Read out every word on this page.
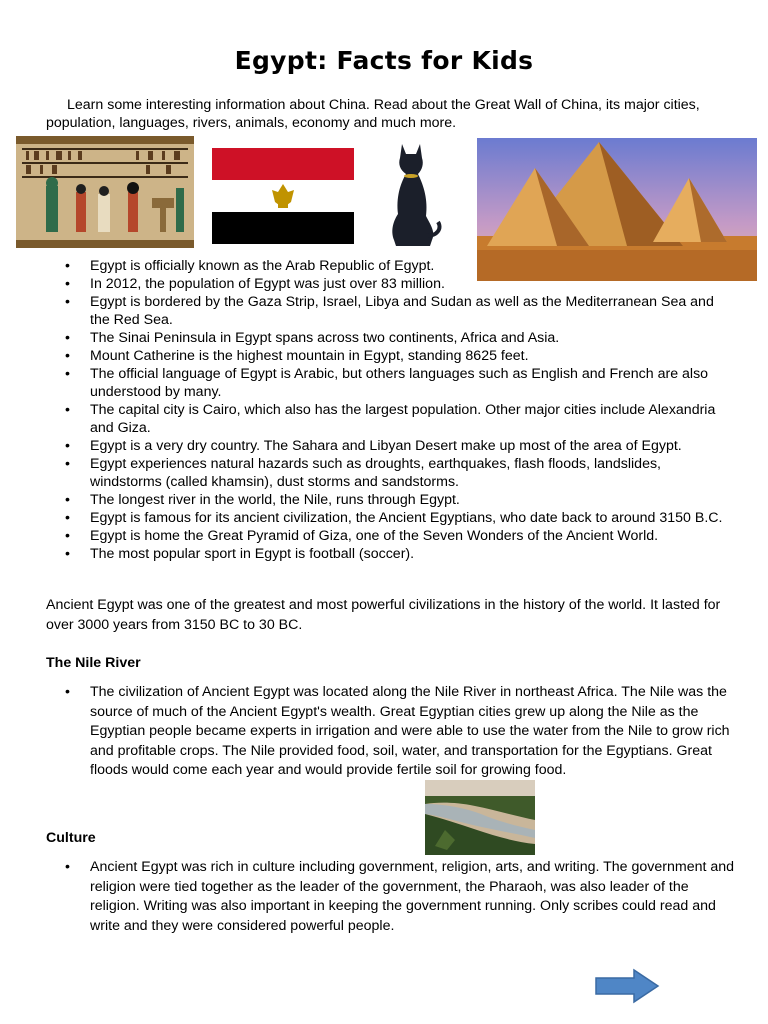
Egypt: Facts for Kids
Learn some interesting information about China. Read about the Great Wall of China, its major cities, population, languages, rivers, animals, economy and much more.
• Egypt is officially known as the Arab Republic of Egypt.
• In 2012, the population of Egypt was just over 83 million.
• Egypt is bordered by the Gaza Strip, Israel, Libya and Sudan as well as the Mediterranean Sea and the Red Sea.
• The Sinai Peninsula in Egypt spans across two continents, Africa and Asia.
• Mount Catherine is the highest mountain in Egypt, standing 8625 feet.
• The official language of Egypt is Arabic, but others languages such as English and French are also understood by many.
• The capital city is Cairo, which also has the largest population. Other major cities include Alexandria and Giza.
• Egypt is a very dry country. The Sahara and Libyan Desert make up most of the area of Egypt.
• Egypt experiences natural hazards such as droughts, earthquakes, flash floods, landslides, windstorms (called khamsin), dust storms and sandstorms.
• The longest river in the world, the Nile, runs through Egypt.
• Egypt is famous for its ancient civilization, the Ancient Egyptians, who date back to around 3150 B.C.
• Egypt is home the Great Pyramid of Giza, one of the Seven Wonders of the Ancient World.
• The most popular sport in Egypt is football (soccer).
Ancient Egypt was one of the greatest and most powerful civilizations in the history of the world. It lasted for over 3000 years from 3150 BC to 30 BC.
The Nile River
• The civilization of Ancient Egypt was located along the Nile River in northeast Africa. The Nile was the source of much of the Ancient Egypt's wealth. Great Egyptian cities grew up along the Nile as the Egyptian people became experts in irrigation and were able to use the water from the Nile to grow rich and profitable crops. The Nile provided food, soil, water, and transportation for the Egyptians. Great floods would come each year and would provide fertile soil for growing food.
Culture
• Ancient Egypt was rich in culture including government, religion, arts, and writing. The government and religion were tied together as the leader of the government, the Pharaoh, was also leader of the religion. Writing was also important in keeping the government running. Only scribes could read and write and they were considered powerful people.
